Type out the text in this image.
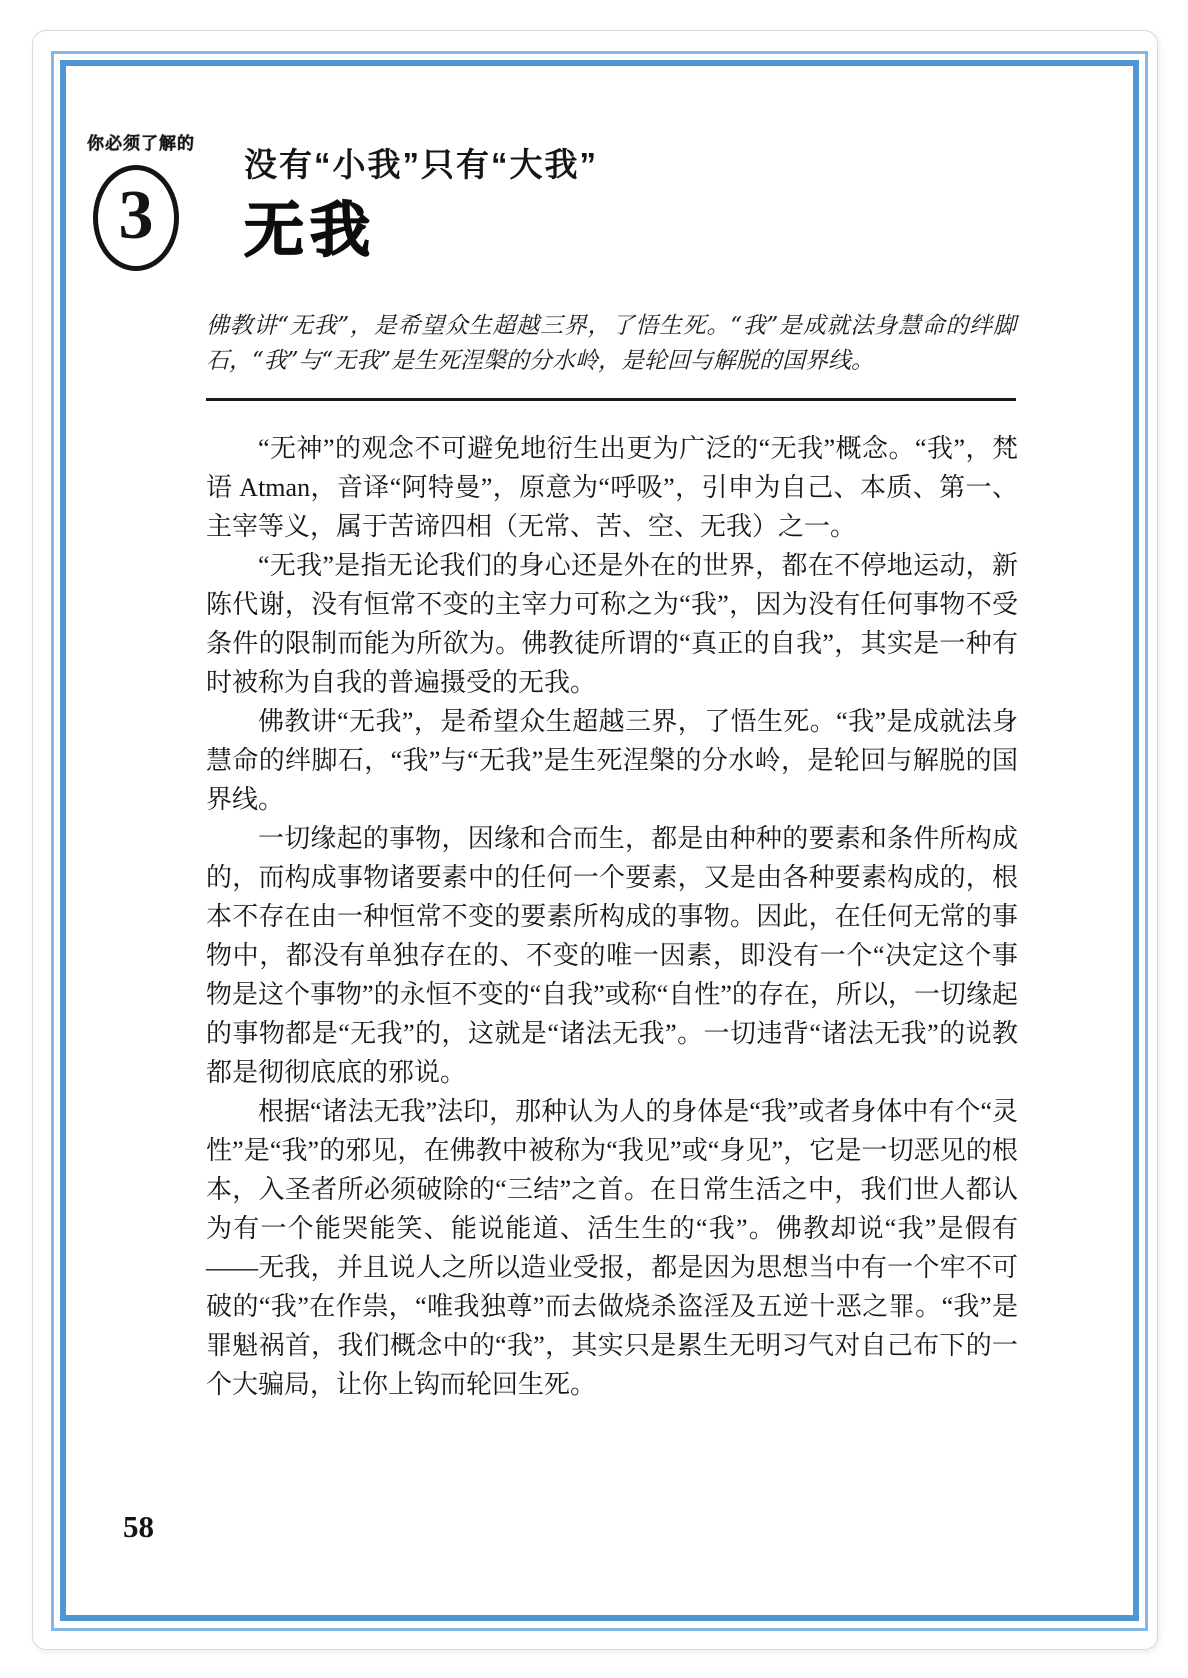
你必须了解的
3
没有“小我”只有“大我”
无我
佛教讲“无我”，是希望众生超越三界，了悟生死。“我”是成就法身慧命的绊脚石，“我”与“无我”是生死涅槃的分水岭，是轮回与解脱的国界线。

“无神”的观念不可避免地衍生出更为广泛的“无我”概念。“我”，梵语 Atman，音译“阿特曼”，原意为“呼吸”，引申为自己、本质、第一、主宰等义，属于苦谛四相（无常、苦、空、无我）之一。

“无我”是指无论我们的身心还是外在的世界，都在不停地运动，新陈代谢，没有恒常不变的主宰力可称之为“我”，因为没有任何事物不受条件的限制而能为所欲为。佛教徒所谓的“真正的自我”，其实是一种有时被称为自我的普遍摄受的无我。

佛教讲“无我”，是希望众生超越三界，了悟生死。“我”是成就法身慧命的绊脚石，“我”与“无我”是生死涅槃的分水岭，是轮回与解脱的国界线。

一切缘起的事物，因缘和合而生，都是由种种的要素和条件所构成的，而构成事物诸要素中的任何一个要素，又是由各种要素构成的，根本不存在由一种恒常不变的要素所构成的事物。因此，在任何无常的事物中，都没有单独存在的、不变的唯一因素，即没有一个“决定这个事物是这个事物”的永恒不变的“自我”或称“自性”的存在，所以，一切缘起的事物都是“无我”的，这就是“诸法无我”。一切违背“诸法无我”的说教都是彻彻底底的邪说。

根据“诸法无我”法印，那种认为人的身体是“我”或者身体中有个“灵性”是“我”的邪见，在佛教中被称为“我见”或“身见”，它是一切恶见的根本，入圣者所必须破除的“三结”之首。在日常生活之中，我们世人都认为有一个能哭能笑、能说能道、活生生的“我”。佛教却说“我”是假有——无我，并且说人之所以造业受报，都是因为思想当中有一个牢不可破的“我”在作祟，“唯我独尊”而去做烧杀盗淫及五逆十恶之罪。“我”是罪魁祸首，我们概念中的“我”，其实只是累生无明习气对自己布下的一个大骗局，让你上钩而轮回生死。

58
